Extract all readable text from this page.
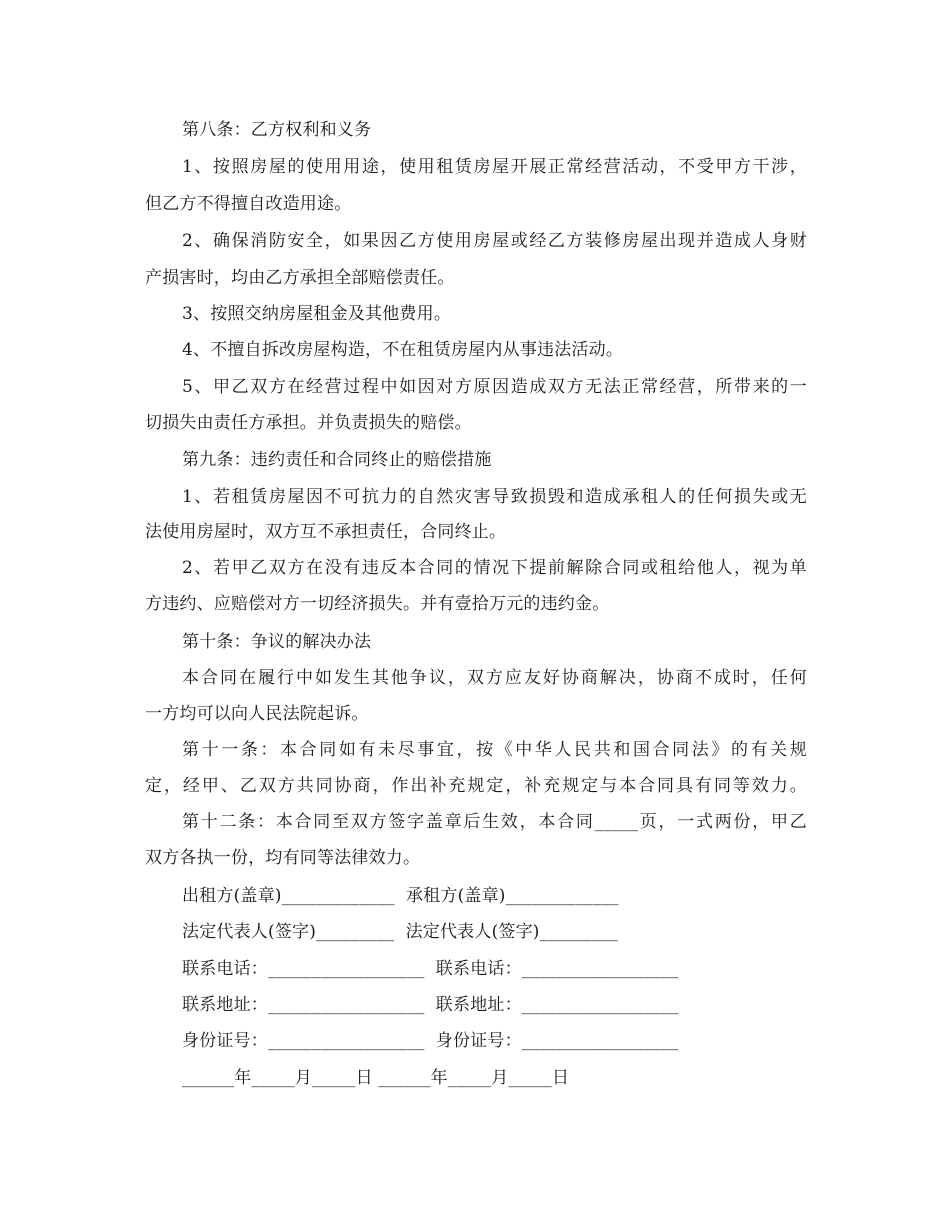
第八条：乙方权利和义务
1、按照房屋的使用用途，使用租赁房屋开展正常经营活动，不受甲方干涉，
但乙方不得擅自改造用途。
2、确保消防安全，如果因乙方使用房屋或经乙方装修房屋出现并造成人身财
产损害时，均由乙方承担全部赔偿责任。
3、按照交纳房屋租金及其他费用。
4、不擅自拆改房屋构造，不在租赁房屋内从事违法活动。
5、甲乙双方在经营过程中如因对方原因造成双方无法正常经营，所带来的一
切损失由责任方承担。并负责损失的赔偿。
第九条：违约责任和合同终止的赔偿措施
1、若租赁房屋因不可抗力的自然灾害导致损毁和造成承租人的任何损失或无
法使用房屋时，双方互不承担责任，合同终止。
2、若甲乙双方在没有违反本合同的情况下提前解除合同或租给他人，视为单
方违约、应赔偿对方一切经济损失。并有壹拾万元的违约金。
第十条：争议的解决办法
本合同在履行中如发生其他争议，双方应友好协商解决，协商不成时，任何
一方均可以向人民法院起诉。
第十一条：本合同如有未尽事宜，按《中华人民共和国合同法》的有关规
定，经甲、乙双方共同协商，作出补充规定，补充规定与本合同具有同等效力。
第十二条：本合同至双方签字盖章后生效，本合同_____页，一式两份，甲乙
双方各执一份，均有同等法律效力。
出租方(盖章)_____________  承租方(盖章)_____________
法定代表人(签字)_________  法定代表人(签字)_________
联系电话：__________________  联系电话：__________________
联系地址：__________________  联系地址：__________________
身份证号：__________________  身份证号：__________________
______年_____月_____日 ______年_____月_____日
